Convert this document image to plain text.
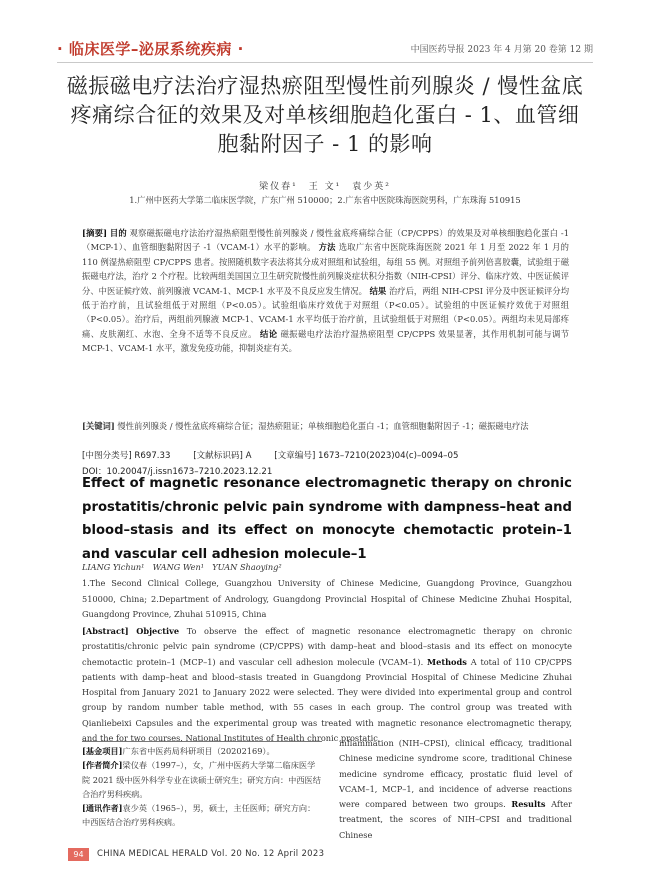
· 临床医学–泌尿系统疾病 ·	中国医药导报 2023 年 4 月第 20 卷第 12 期
磁振磁电疗法治疗湿热瘀阻型慢性前列腺炎 / 慢性盆底疼痛综合征的效果及对单核细胞趋化蛋白 - 1、血管细胞黏附因子 - 1 的影响
梁仪春¹　王 文¹　袁少英²
1.广州中医药大学第二临床医学院，广东广州 510000；2.广东省中医院珠海医院男科，广东珠海 510915
[摘要] 目的 观察磁振磁电疗法治疗湿热瘀阻型慢性前列腺炎 / 慢性盆底疼痛综合征（CP/CPPS）的效果及对单核细胞趋化蛋白 -1（MCP-1）、血管细胞黏附因子 -1（VCAM-1）水平的影响。 方法 选取广东省中医院珠海医院 2021 年 1 月至 2022 年 1 月的 110 例湿热瘀阻型 CP/CPPS 患者。按照随机数字表法将其分成对照组和试验组，每组 55 例。对照组予前列倍喜胶囊，试验组于磁振磁电疗法，治疗 2 个疗程。比较两组美国国立卫生研究院慢性前列腺炎症状积分指数（NIH-CPSI）评分、临床疗效、中医证候评分、中医证候疗效、前列腺液 VCAM-1、MCP-1 水平及不良反应发生情况。 结果 治疗后，两组 NIH-CPSI 评分及中医证候评分均低于治疗前，且试验组低于对照组（P<0.05）。试验组临床疗效优于对照组（P<0.05）。试验组的中医证候疗效优于对照组（P<0.05）。治疗后，两组前列腺液 MCP-1、VCAM-1 水平均低于治疗前，且试验组低于对照组（P<0.05）。两组均未见局部疼痛、皮肤潮红、水泡、全身不适等不良反应。 结论 磁振磁电疗法治疗湿热瘀阻型 CP/CPPS 效果显著，其作用机制可能与调节 MCP-1、VCAM-1 水平，激发免疫功能，抑制炎症有关。
[关键词] 慢性前列腺炎 / 慢性盆底疼痛综合征；湿热瘀阻证；单核细胞趋化蛋白 -1；血管细胞黏附因子 -1；磁振磁电疗法
[中图分类号] R697.33	[文献标识码] A	[文章编号] 1673–7210(2023)04(c)–0094–05
DOI：10.20047/j.issn1673–7210.2023.12.21
Effect of magnetic resonance electromagnetic therapy on chronic prostatitis/chronic pelvic pain syndrome with dampness–heat and blood–stasis and its effect on monocyte chemotactic protein–1 and vascular cell adhesion molecule–1
LIANG Yichun¹　WANG Wen¹　YUAN Shaoying²
1.The Second Clinical College, Guangzhou University of Chinese Medicine, Guangdong Province, Guangzhou 510000, China; 2.Department of Andrology, Guangdong Provincial Hospital of Chinese Medicine Zhuhai Hospital, Guangdong Province, Zhuhai 510915, China
[Abstract] Objective To observe the effect of magnetic resonance electromagnetic therapy on chronic prostatitis/chronic pelvic pain syndrome (CP/CPPS) with damp–heat and blood–stasis and its effect on monocyte chemotactic protein–1 (MCP–1) and vascular cell adhesion molecule (VCAM–1). Methods A total of 110 CP/CPPS patients with damp–heat and blood–stasis treated in Guangdong Provincial Hospital of Chinese Medicine Zhuhai Hospital from January 2021 to January 2022 were selected. They were divided into experimental group and control group by random number table method, with 55 cases in each group. The control group was treated with Qianliebeixi Capsules and the experimental group was treated with magnetic resonance electromagnetic therapy, and the for two courses. National Institutes of Health chronic prostatic
inflammation (NIH–CPSI), clinical efficacy, traditional Chinese medicine syndrome score, traditional Chinese medicine syndrome efficacy, prostatic fluid level of VCAM–1, MCP–1, and incidence of adverse reactions were compared between two groups. Results After treatment, the scores of NIH–CPSI and traditional Chinese
[基金项目]广东省中医药局科研项目（20202169）。
[作者简介]梁仪春（1997–），女，广州中医药大学第二临床医学院 2021 级中医外科学专业在读硕士研究生；研究方向：中西医结合治疗男科疾病。
[通讯作者]袁少英（1965–），男，硕士，主任医师；研究方向：中西医结合治疗男科疾病。
94	CHINA MEDICAL HERALD Vol. 20 No. 12 April 2023
